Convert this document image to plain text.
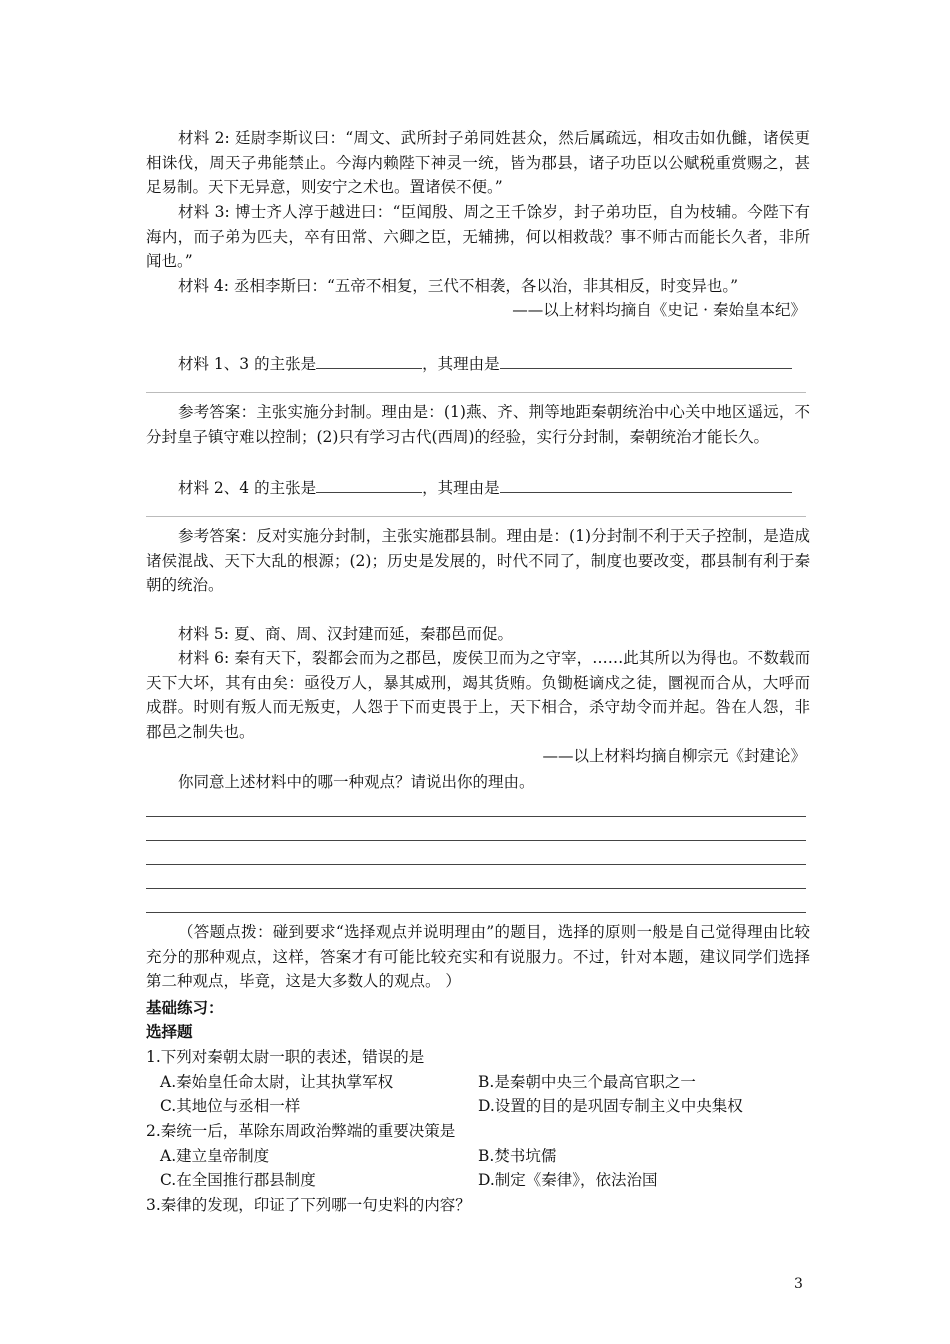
材料 2: 廷尉李斯议曰：“周文、武所封子弟同姓甚众，然后属疏远，相攻击如仇雠，诸侯更相诛伐，周天子弗能禁止。今海内赖陛下神灵一统，皆为郡县，诸子功臣以公赋税重赏赐之，甚足易制。天下无异意，则安宁之术也。置诸侯不便。”

材料 3: 博士齐人淳于越进曰：“臣闻殷、周之王千馀岁，封子弟功臣，自为枝辅。今陛下有海内，而子弟为匹夫，卒有田常、六卿之臣，无辅拂，何以相救哉？事不师古而能长久者，非所闻也。”

材料 4: 丞相李斯曰：“五帝不相复，三代不相袭，各以治，非其相反，时变异也。”

——以上材料均摘自《史记 · 秦始皇本纪》

材料 1、3 的主张是	，其理由是

参考答案：主张实施分封制。理由是：(1)燕、齐、荆等地距秦朝统治中心关中地区遥远，不分封皇子镇守难以控制；(2)只有学习古代(西周)的经验，实行分封制，秦朝统治才能长久。

材料 2、4 的主张是	，其理由是

参考答案：反对实施分封制，主张实施郡县制。理由是：(1)分封制不利于天子控制，是造成诸侯混战、天下大乱的根源；(2)；历史是发展的，时代不同了，制度也要改变，郡县制有利于秦朝的统治。

材料 5: 夏、商、周、汉封建而延，秦郡邑而促。

材料 6: 秦有天下，裂都会而为之郡邑，废侯卫而为之守宰，……此其所以为得也。不数载而天下大坏，其有由矣：亟役万人，暴其威刑，竭其货贿。负锄梃谪戍之徒，圜视而合从，大呼而成群。时则有叛人而无叛吏，人怨于下而吏畏于上，天下相合，杀守劫令而并起。咎在人怨，非郡邑之制失也。

——以上材料均摘自柳宗元《封建论》

你同意上述材料中的哪一种观点？请说出你的理由。

（答题点拨：碰到要求“选择观点并说明理由”的题目，选择的原则一般是自己觉得理由比较充分的那种观点，这样，答案才有可能比较充实和有说服力。不过，针对本题，建议同学们选择第二种观点，毕竟，这是大多数人的观点。 ）

基础练习：

选择题

1.下列对秦朝太尉一职的表述，错误的是

A.秦始皇任命太尉，让其执掌军权	B.是秦朝中央三个最高官职之一
C.其地位与丞相一样	D.设置的目的是巩固专制主义中央集权

2.秦统一后，革除东周政治弊端的重要决策是

A.建立皇帝制度	B.焚书坑儒
C.在全国推行郡县制度	D.制定《秦律》，依法治国

3.秦律的发现，印证了下列哪一句史料的内容？

3
